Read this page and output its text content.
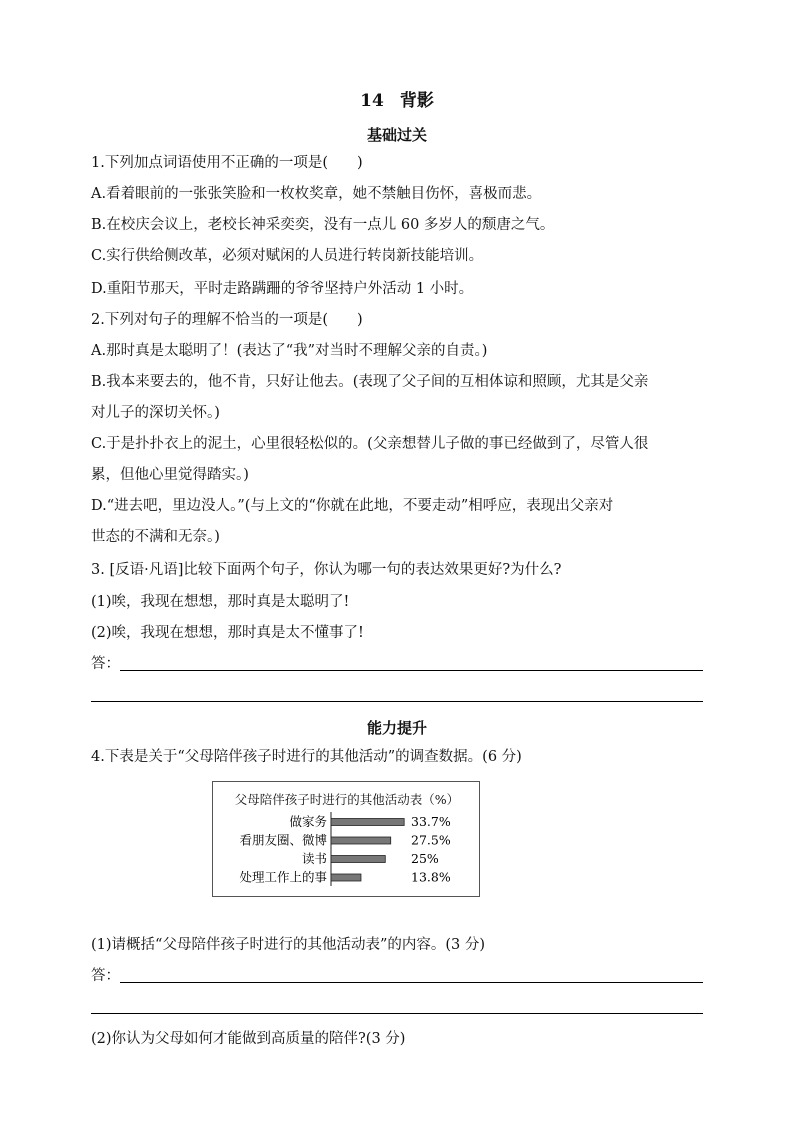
14 背影
基础过关
1.下列加点词语使用不正确的一项是(　　)
A.看着眼前的一张张笑脸和一枚枚奖章，她不禁触目伤怀，喜极而悲。
B.在校庆会议上，老校长神采奕奕，没有一点儿 60 多岁人的颓唐之气。
C.实行供给侧改革，必须对赋闲的人员进行转岗新技能培训。
D.重阳节那天，平时走路蹒跚的爷爷坚持户外活动 1 小时。
2.下列对句子的理解不恰当的一项是(　　)
A.那时真是太聪明了！(表达了“我”对当时不理解父亲的自责。)
B.我本来要去的，他不肯，只好让他去。(表现了父子间的互相体谅和照顾，尤其是父亲
对儿子的深切关怀。)
C.于是扑扑衣上的泥土，心里很轻松似的。(父亲想替儿子做的事已经做到了，尽管人很
累，但他心里觉得踏实。)
D.“进去吧，里边没人。”(与上文的“你就在此地，不要走动”相呼应，表现出父亲对
世态的不满和无奈。)
3. [反语·凡语]比较下面两个句子，你认为哪一句的表达效果更好?为什么?
(1)唉，我现在想想，那时真是太聪明了!
(2)唉，我现在想想，那时真是太不懂事了!
答：
能力提升
4.下表是关于“父母陪伴孩子时进行的其他活动”的调查数据。(6 分)
父母陪伴孩子时进行的其他活动表（%）
做家务	33.7%
看朋友圈、微博	27.5%
读书	25%
处理工作上的事	13.8%
(1)请概括“父母陪伴孩子时进行的其他活动表”的内容。(3 分)
答：
(2)你认为父母如何才能做到高质量的陪伴?(3 分)
